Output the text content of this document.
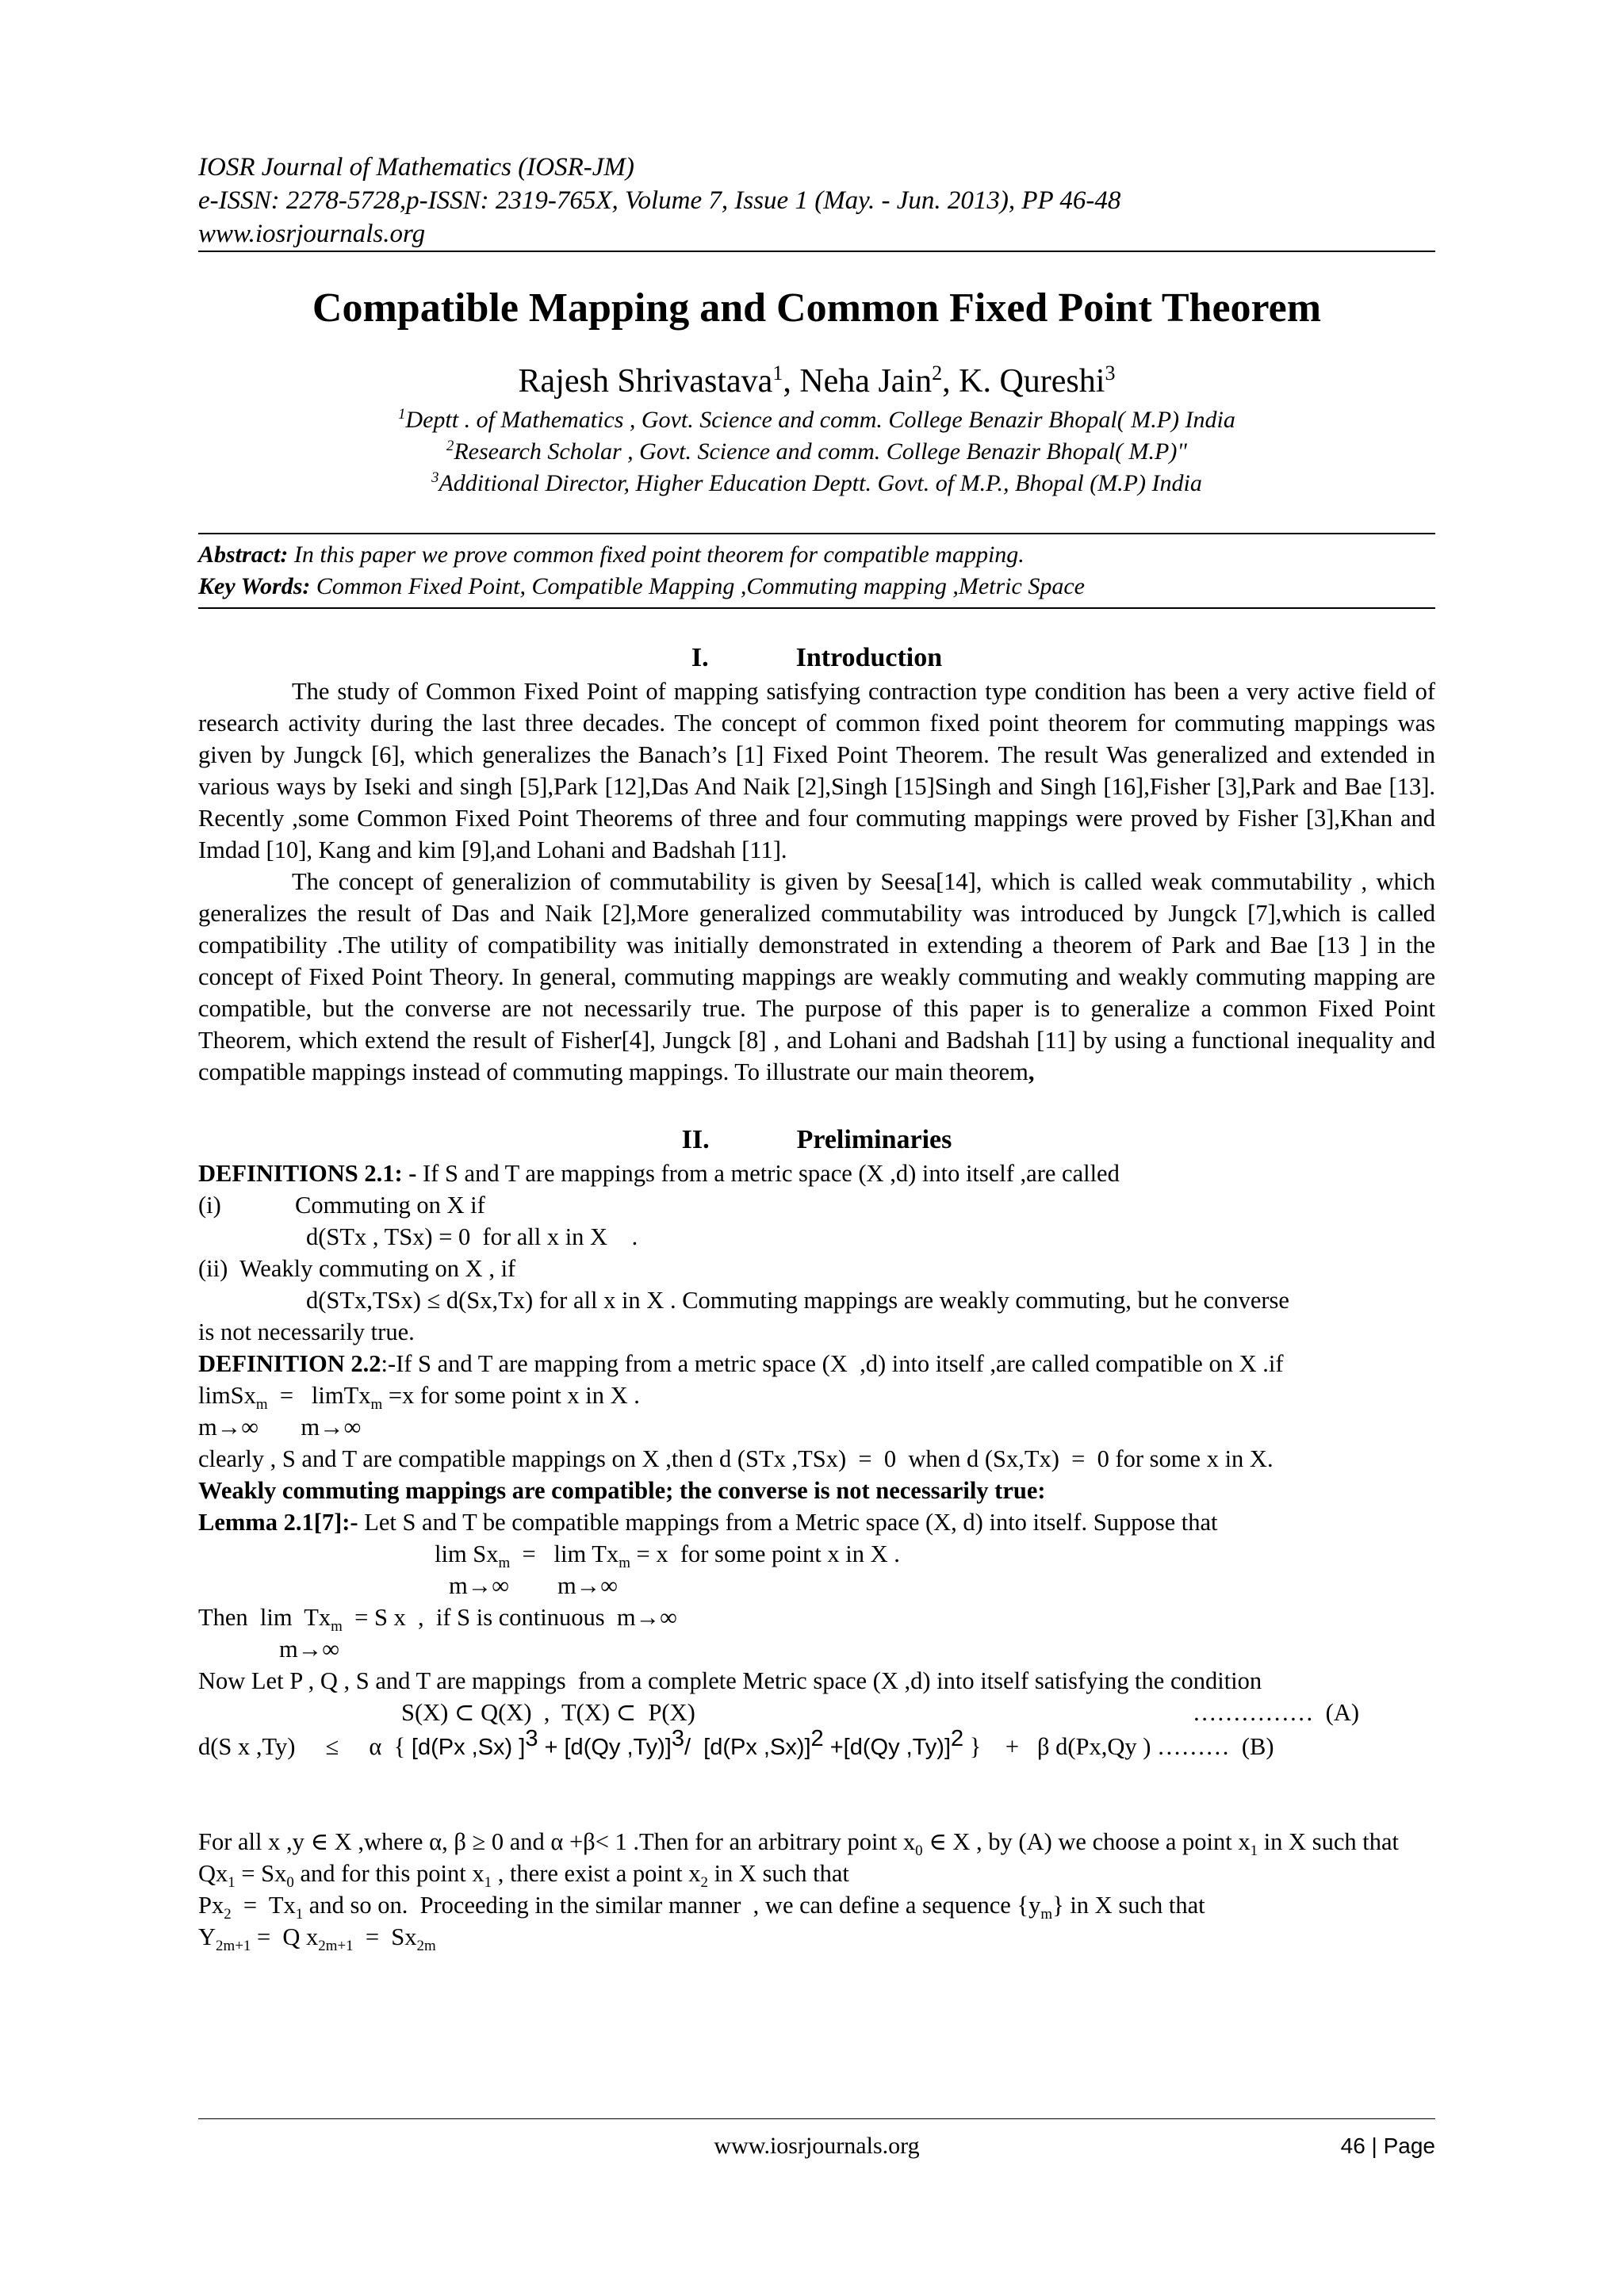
IOSR Journal of Mathematics (IOSR-JM)
e-ISSN: 2278-5728,p-ISSN: 2319-765X, Volume 7, Issue 1 (May. - Jun. 2013), PP 46-48
www.iosrjournals.org
Compatible Mapping and Common Fixed Point Theorem
Rajesh Shrivastava$^1$, Neha Jain$^2$, K. Qureshi$^3$
$^1$Deptt . of Mathematics , Govt. Science and comm. College Benazir Bhopal( M.P) India
$^2$Research Scholar , Govt. Science and comm. College Benazir Bhopal( M.P)"
$^3$Additional Director, Higher Education Deptt. Govt. of M.P., Bhopal (M.P) India
Abstract: In this paper we prove common fixed point theorem for compatible mapping.
Key Words: Common Fixed Point, Compatible Mapping ,Commuting mapping ,Metric Space
I.	Introduction
The study of Common Fixed Point of mapping satisfying contraction type condition has been a very active field of research activity during the last three decades. The concept of common fixed point theorem for commuting mappings was given by Jungck [6], which generalizes the Banach’s [1] Fixed Point Theorem. The result Was generalized and extended in various ways by Iseki and singh [5],Park [12],Das And Naik [2],Singh [15]Singh and Singh [16],Fisher [3],Park and Bae [13]. Recently ,some Common Fixed Point Theorems of three and four commuting mappings were proved by Fisher [3],Khan and Imdad [10], Kang and kim [9],and Lohani and Badshah [11].
The concept of generalizion of commutability is given by Seesa[14], which is called weak commutability , which generalizes the result of Das and Naik [2],More generalized commutability was introduced by Jungck [7],which is called compatibility .The utility of compatibility was initially demonstrated in extending a theorem of Park and Bae [13 ] in the concept of Fixed Point Theory. In general, commuting mappings are weakly commuting and weakly commuting mapping are compatible, but the converse are not necessarily true. The purpose of this paper is to generalize a common Fixed Point Theorem, which extend the result of Fisher[4], Jungck [8] , and Lohani and Badshah [11] by using a functional inequality and compatible mappings instead of commuting mappings. To illustrate our main theorem,
II.	Preliminaries
DEFINITIONS 2.1: - If S and T are mappings from a metric space (X ,d) into itself ,are called
(i)	Commuting on X if
d(STx , TSx) = 0  for all x in X    .
(ii)  Weakly commuting on X , if
d(STx,TSx) ≤ d(Sx,Tx) for all x in X . Commuting mappings are weakly commuting, but he converse
is not necessarily true.
DEFINITION 2.2:-If S and T are mapping from a metric space (X  ,d) into itself ,are called compatible on X .if
limSx$_m$  =   limTx$_m$ =x for some point x in X .
m→∞       m→∞
clearly , S and T are compatible mappings on X ,then d (STx ,TSx)  =  0  when d (Sx,Tx)  =  0 for some x in X.
Weakly commuting mappings are compatible; the converse is not necessarily true:
Lemma 2.1[7]:- Let S and T be compatible mappings from a Metric space (X, d) into itself. Suppose that
$\lim Sx_m = \lim Tx_m = x$  for some point x in X .
m→∞        m→∞
Then  $\lim Tx_m = S$ x  ,  if S is continuous  m→∞
m→∞
Now Let P , Q , S and T are mappings  from a complete Metric space (X ,d) into itself satisfying the condition
S(X) ⊂ Q(X)  ,  T(X) ⊂  P(X)	……………  (A)
d(S x ,Ty)     ≤     α  { [d(Px ,Sx) ]$^3$ + [d(Qy ,Ty)]$^3$/  [d(Px ,Sx)]$^2$ +[d(Qy ,Ty)]$^2$ }    +   β d(Px,Qy ) ………  (B)
For all x ,y ∈ X ,where α, β ≥ 0 and α +β< 1 .Then for an arbitrary point $x_0$ ∈ X , by (A) we choose a point $x_1$ in X such that
$Qx_1 = Sx_0$ and for this point $x_1$ , there exist a point $x_2$ in X such that
$Px_2 = Tx_1$ and so on.  Proceeding in the similar manner  , we can define a sequence $\{y_m\}$ in X such that
$Y_{2m+1} = Q$ $x_{2m+1} = Sx_{2m}$
www.iosrjournals.org	46 | Page
